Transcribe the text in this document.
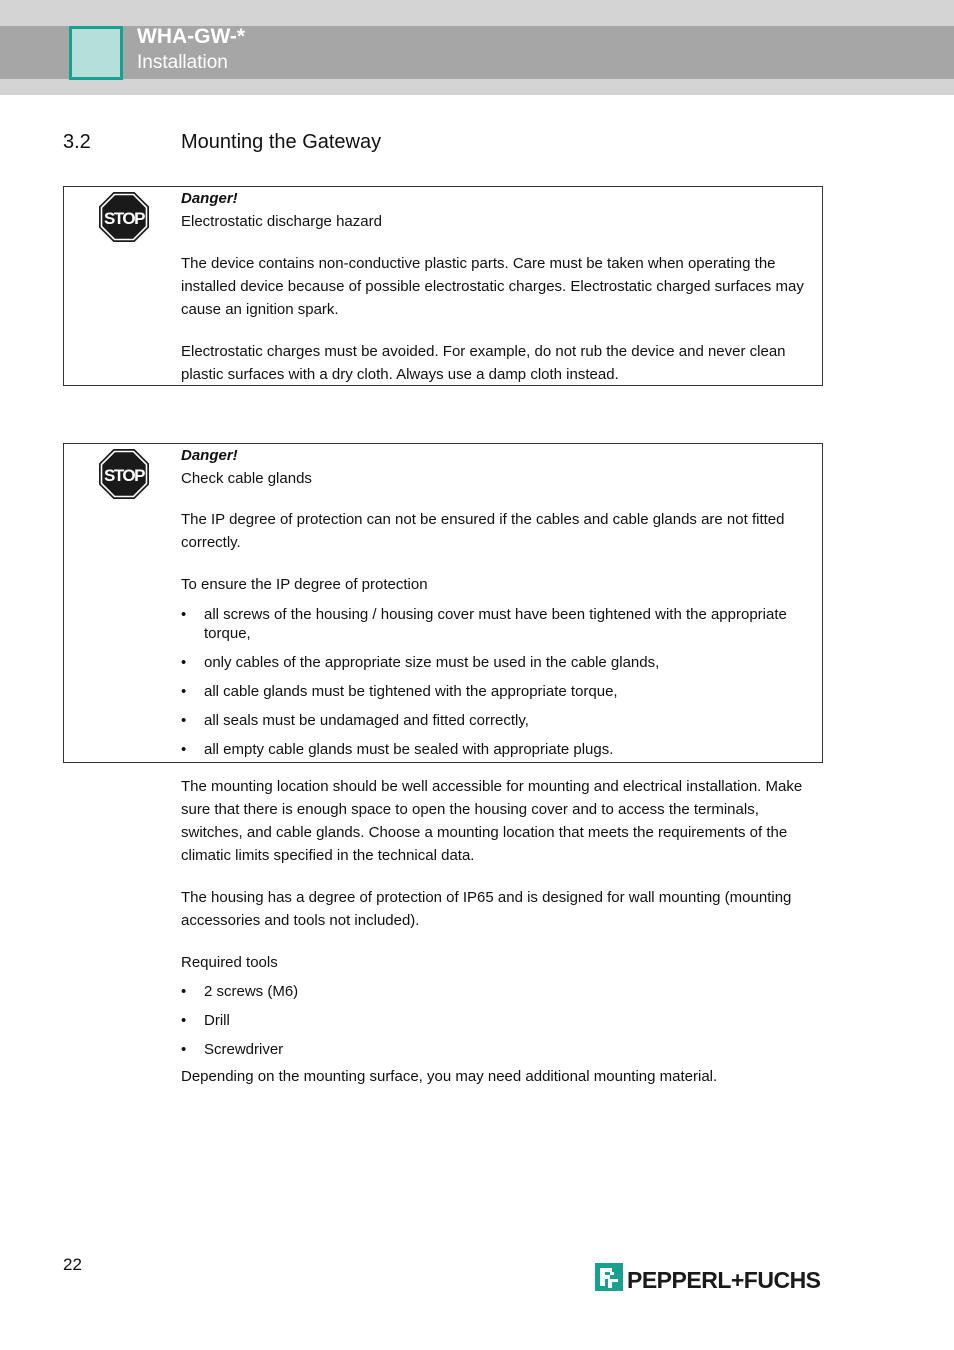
WHA-GW-*
Installation
3.2	Mounting the Gateway
STOP

Danger!

Electrostatic discharge hazard

The device contains non-conductive plastic parts. Care must be taken when operating the installed device because of possible electrostatic charges. Electrostatic charged surfaces may cause an ignition spark.

Electrostatic charges must be avoided. For example, do not rub the device and never clean plastic surfaces with a dry cloth. Always use a damp cloth instead.

STOP

Danger!

Check cable glands

The IP degree of protection can not be ensured if the cables and cable glands are not fitted correctly.

To ensure the IP degree of protection

• all screws of the housing / housing cover must have been tightened with the appropriate torque,
• only cables of the appropriate size must be used in the cable glands,
• all cable glands must be tightened with the appropriate torque,
• all seals must be undamaged and fitted correctly,
• all empty cable glands must be sealed with appropriate plugs.

The mounting location should be well accessible for mounting and electrical installation. Make sure that there is enough space to open the housing cover and to access the terminals, switches, and cable glands. Choose a mounting location that meets the requirements of the climatic limits specified in the technical data.

The housing has a degree of protection of IP65 and is designed for wall mounting (mounting accessories and tools not included).

Required tools

• 2 screws (M6)
• Drill
• Screwdriver

Depending on the mounting surface, you may need additional mounting material.

22
PEPPERL+FUCHS
